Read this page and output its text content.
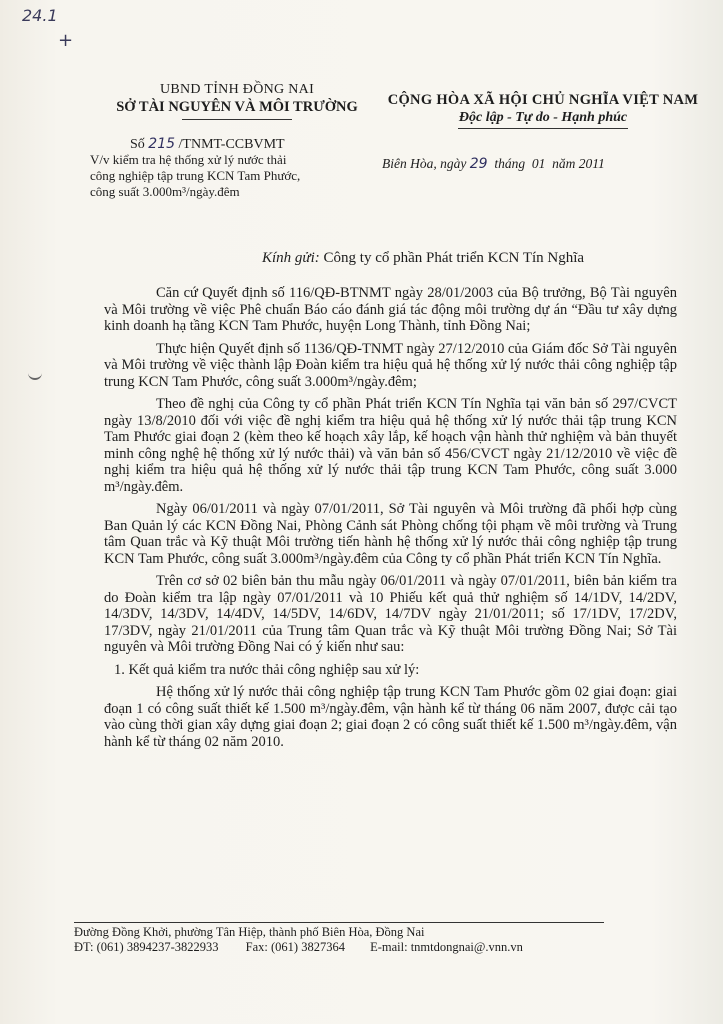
24.1
+
UBND TỈNH ĐỒNG NAI
SỞ TÀI NGUYÊN VÀ MÔI TRƯỜNG	CỘNG HÒA XÃ HỘI CHỦ NGHĨA VIỆT NAM
Độc lập - Tự do - Hạnh phúc
Số 215 /TNMT-CCBVMT
V/v kiểm tra hệ thống xử lý nước thải
công nghiệp tập trung KCN Tam Phước,
công suất 3.000m³/ngày.đêm
Biên Hòa, ngày 29 tháng 01 năm 2011
Kính gửi: Công ty cổ phần Phát triển KCN Tín Nghĩa

Căn cứ Quyết định số 116/QĐ-BTNMT ngày 28/01/2003 của Bộ trưởng, Bộ Tài nguyên và Môi trường về việc Phê chuẩn Báo cáo đánh giá tác động môi trường dự án “Đầu tư xây dựng kinh doanh hạ tầng KCN Tam Phước, huyện Long Thành, tỉnh Đồng Nai;

Thực hiện Quyết định số 1136/QĐ-TNMT ngày 27/12/2010 của Giám đốc Sở Tài nguyên và Môi trường về việc thành lập Đoàn kiểm tra hiệu quả hệ thống xử lý nước thải công nghiệp tập trung KCN Tam Phước, công suất 3.000m³/ngày.đêm;

Theo đề nghị của Công ty cổ phần Phát triển KCN Tín Nghĩa tại văn bản số 297/CVCT ngày 13/8/2010 đối với việc đề nghị kiểm tra hiệu quả hệ thống xử lý nước thải tập trung KCN Tam Phước giai đoạn 2 (kèm theo kế hoạch xây lắp, kế hoạch vận hành thử nghiệm và bản thuyết minh công nghệ hệ thống xử lý nước thải) và văn bản số 456/CVCT ngày 21/12/2010 về việc đề nghị kiểm tra hiệu quả hệ thống xử lý nước thải tập trung KCN Tam Phước, công suất 3.000 m³/ngày.đêm.

Ngày 06/01/2011 và ngày 07/01/2011, Sở Tài nguyên và Môi trường đã phối hợp cùng Ban Quản lý các KCN Đồng Nai, Phòng Cảnh sát Phòng chống tội phạm về môi trường và Trung tâm Quan trắc và Kỹ thuật Môi trường tiến hành hệ thống xử lý nước thải công nghiệp tập trung KCN Tam Phước, công suất 3.000m³/ngày.đêm của Công ty cổ phần Phát triển KCN Tín Nghĩa.

Trên cơ sở 02 biên bản thu mẫu ngày 06/01/2011 và ngày 07/01/2011, biên bản kiểm tra do Đoàn kiểm tra lập ngày 07/01/2011 và 10 Phiếu kết quả thử nghiệm số 14/1DV, 14/2DV, 14/3DV, 14/3DV, 14/4DV, 14/5DV, 14/6DV, 14/7DV ngày 21/01/2011; số 17/1DV, 17/2DV, 17/3DV, ngày 21/01/2011 của Trung tâm Quan trắc và Kỹ thuật Môi trường Đồng Nai; Sở Tài nguyên và Môi trường Đồng Nai có ý kiến như sau:

1. Kết quả kiểm tra nước thải công nghiệp sau xử lý:

Hệ thống xử lý nước thải công nghiệp tập trung KCN Tam Phước gồm 02 giai đoạn: giai đoạn 1 có công suất thiết kế 1.500 m³/ngày.đêm, vận hành kể từ tháng 06 năm 2007, được cải tạo vào cùng thời gian xây dựng giai đoạn 2; giai đoạn 2 có công suất thiết kế 1.500 m³/ngày.đêm, vận hành kể từ tháng 02 năm 2010.

Đường Đồng Khởi, phường Tân Hiệp, thành phố Biên Hòa, Đồng Nai
ĐT: (061) 3894237-3822933 Fax: (061) 3827364 E-mail: tnmtdongnai@.vnn.vn
